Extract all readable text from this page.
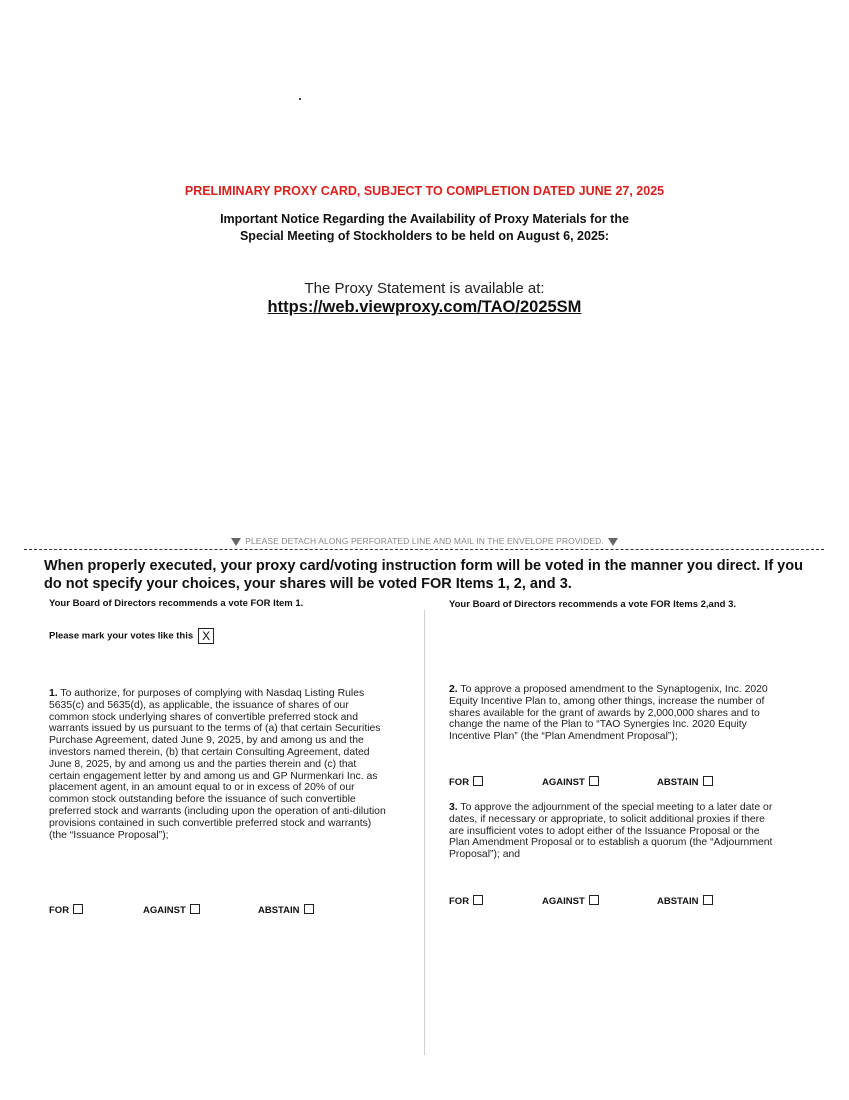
PRELIMINARY PROXY CARD, SUBJECT TO COMPLETION DATED JUNE 27, 2025
Important Notice Regarding the Availability of Proxy Materials for the
Special Meeting of Stockholders to be held on August 6, 2025:
The Proxy Statement is available at:
https://web.viewproxy.com/TAO/2025SM
PLEASE DETACH ALONG PERFORATED LINE AND MAIL IN THE ENVELOPE PROVIDED.
When properly executed, your proxy card/voting instruction form will be voted in the manner you direct. If you do not specify your choices, your shares will be voted FOR Items 1, 2, and 3.
Your Board of Directors recommends a vote FOR Item 1.	Your Board of Directors recommends a vote FOR Items 2,and 3.
Please mark your votes like this X
1. To authorize, for purposes of complying with Nasdaq Listing Rules 5635(c) and 5635(d), as applicable, the issuance of shares of our common stock underlying shares of convertible preferred stock and warrants issued by us pursuant to the terms of (a) that certain Securities Purchase Agreement, dated June 9, 2025, by and among us and the investors named therein, (b) that certain Consulting Agreement, dated June 8, 2025, by and among us and the parties therein and (c) that certain engagement letter by and among us and GP Nurmenkari Inc. as placement agent, in an amount equal to or in excess of 20% of our common stock outstanding before the issuance of such convertible preferred stock and warrants (including upon the operation of anti-dilution provisions contained in such convertible preferred stock and warrants) (the “Issuance Proposal”);
FOR	AGAINST	ABSTAIN
2. To approve a proposed amendment to the Synaptogenix, Inc. 2020 Equity Incentive Plan to, among other things, increase the number of shares available for the grant of awards by 2,000,000 shares and to change the name of the Plan to “TAO Synergies Inc. 2020 Equity Incentive Plan” (the “Plan Amendment Proposal”);
FOR	AGAINST	ABSTAIN
3. To approve the adjournment of the special meeting to a later date or dates, if necessary or appropriate, to solicit additional proxies if there are insufficient votes to adopt either of the Issuance Proposal or the Plan Amendment Proposal or to establish a quorum (the “Adjournment Proposal”); and
FOR	AGAINST	ABSTAIN
